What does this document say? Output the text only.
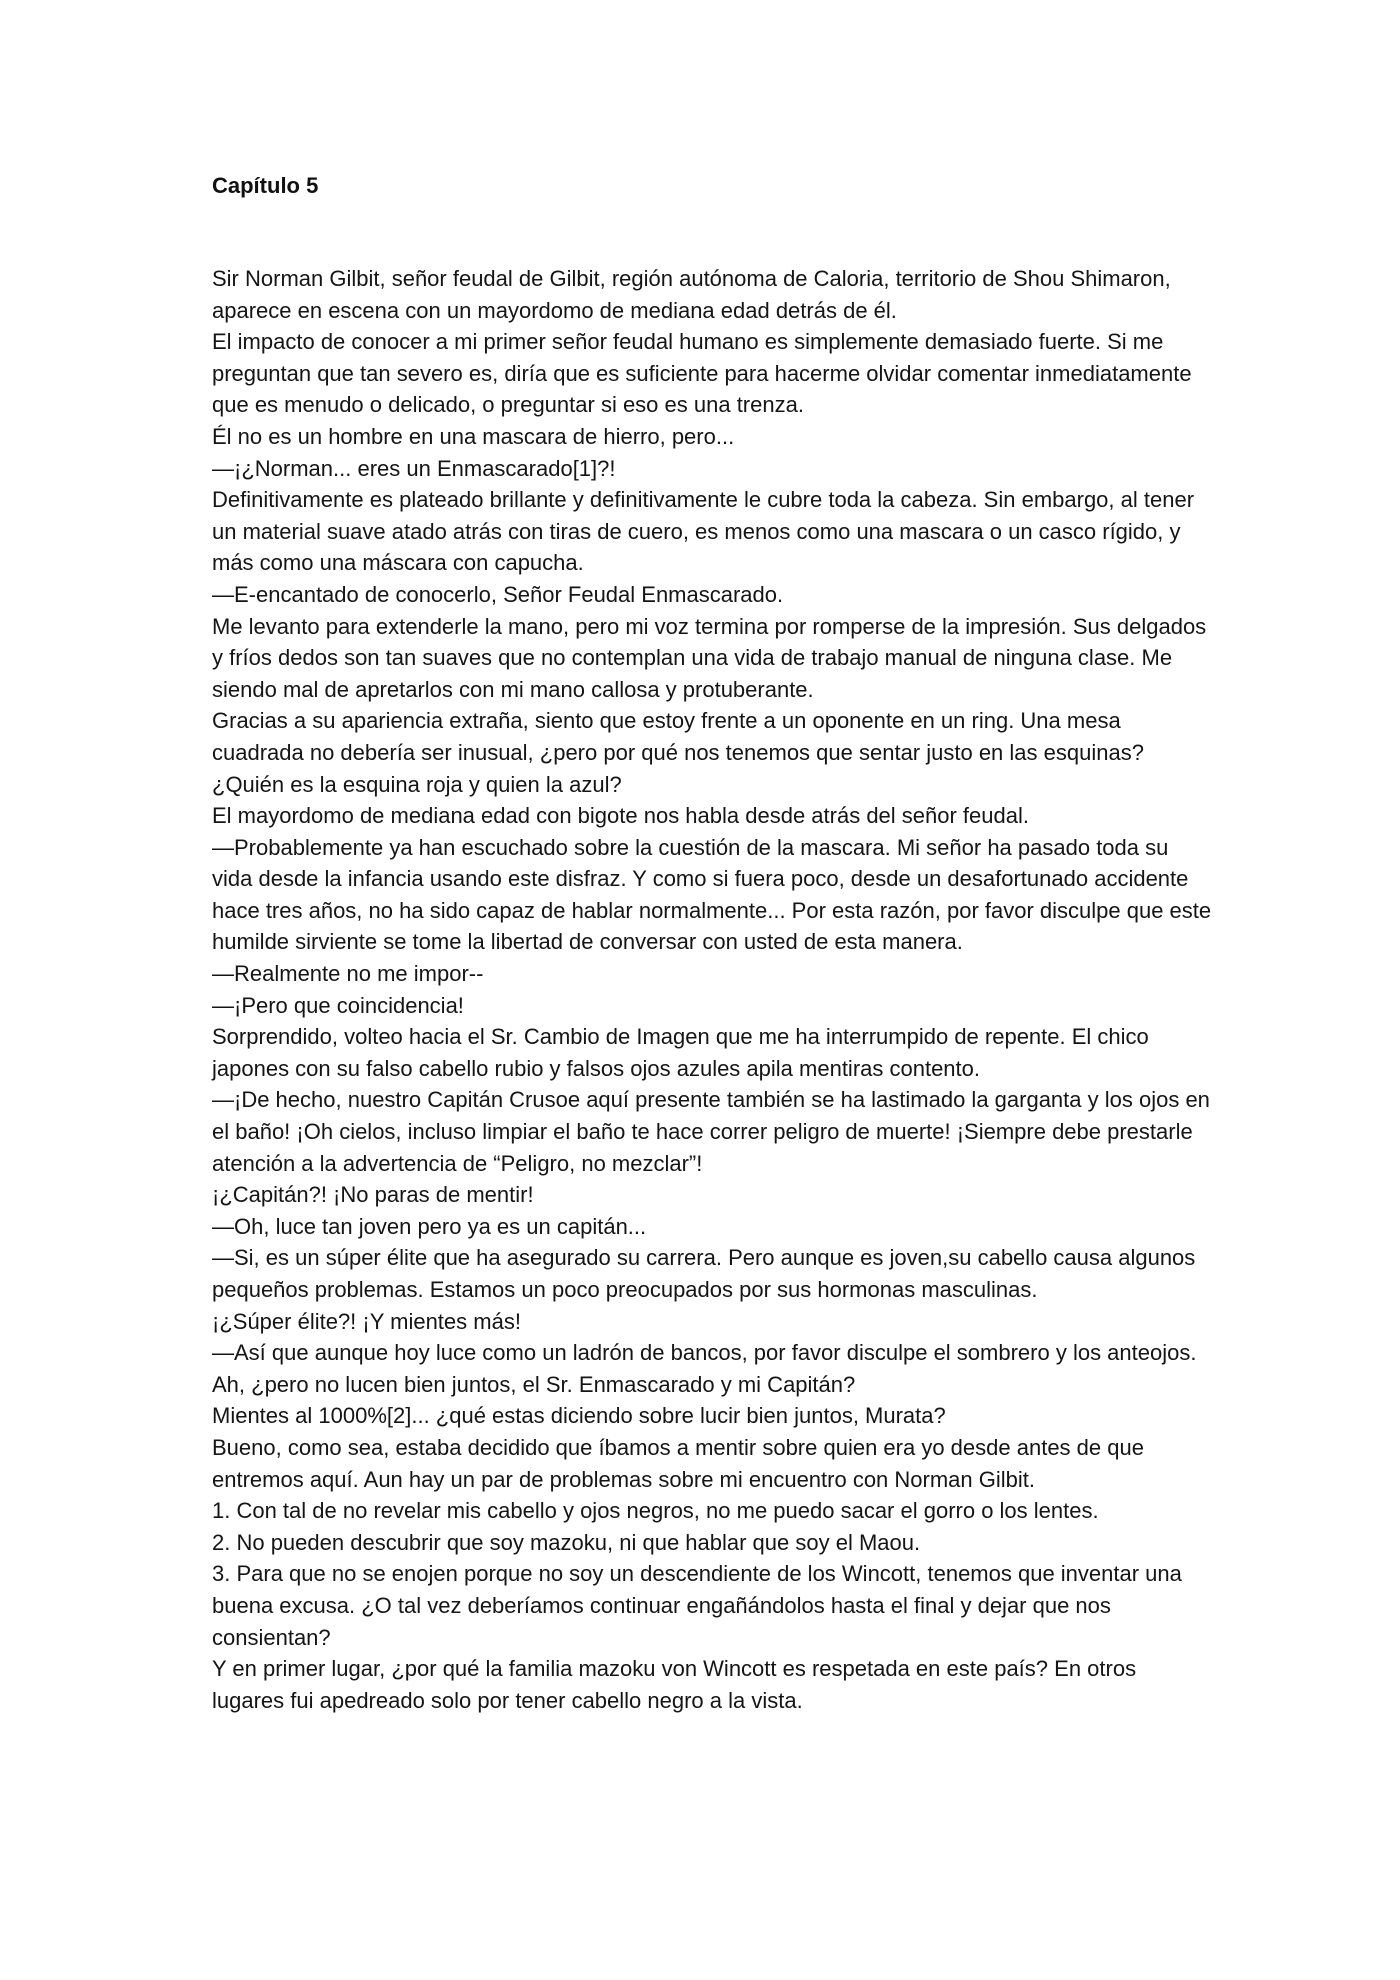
Capítulo 5

Sir Norman Gilbit, señor feudal de Gilbit, región autónoma de Caloria, territorio de Shou Shimaron, aparece en escena con un mayordomo de mediana edad detrás de él.

El impacto de conocer a mi primer señor feudal humano es simplemente demasiado fuerte. Si me preguntan que tan severo es, diría que es suficiente para hacerme olvidar comentar inmediatamente que es menudo o delicado, o preguntar si eso es una trenza.

Él no es un hombre en una mascara de hierro, pero...

—¡¿Norman... eres un Enmascarado[1]?!

Definitivamente es plateado brillante y definitivamente le cubre toda la cabeza. Sin embargo, al tener un material suave atado atrás con tiras de cuero, es menos como una mascara o un casco rígido, y más como una máscara con capucha.

—E-encantado de conocerlo, Señor Feudal Enmascarado.

Me levanto para extenderle la mano, pero mi voz termina por romperse de la impresión. Sus delgados y fríos dedos son tan suaves que no contemplan una vida de trabajo manual de ninguna clase. Me siendo mal de apretarlos con mi mano callosa y protuberante.

Gracias a su apariencia extraña, siento que estoy frente a un oponente en un ring. Una mesa cuadrada no debería ser inusual, ¿pero por qué nos tenemos que sentar justo en las esquinas? ¿Quién es la esquina roja y quien la azul?

El mayordomo de mediana edad con bigote nos habla desde atrás del señor feudal.

—Probablemente ya han escuchado sobre la cuestión de la mascara. Mi señor ha pasado toda su vida desde la infancia usando este disfraz. Y como si fuera poco, desde un desafortunado accidente hace tres años, no ha sido capaz de hablar normalmente... Por esta razón, por favor disculpe que este humilde sirviente se tome la libertad de conversar con usted de esta manera.

—Realmente no me impor--

—¡Pero que coincidencia!

Sorprendido, volteo hacia el Sr. Cambio de Imagen que me ha interrumpido de repente. El chico japones con su falso cabello rubio y falsos ojos azules apila mentiras contento.

—¡De hecho, nuestro Capitán Crusoe aquí presente también se ha lastimado la garganta y los ojos en el baño! ¡Oh cielos, incluso limpiar el baño te hace correr peligro de muerte! ¡Siempre debe prestarle atención a la advertencia de “Peligro, no mezclar”!

¡¿Capitán?! ¡No paras de mentir!

—Oh, luce tan joven pero ya es un capitán...

—Si, es un súper élite que ha asegurado su carrera. Pero aunque es joven,su cabello causa algunos pequeños problemas. Estamos un poco preocupados por sus hormonas masculinas.

¡¿Súper élite?! ¡Y mientes más!

—Así que aunque hoy luce como un ladrón de bancos, por favor disculpe el sombrero y los anteojos. Ah, ¿pero no lucen bien juntos, el Sr. Enmascarado y mi Capitán?

Mientes al 1000%[2]... ¿qué estas diciendo sobre lucir bien juntos, Murata?

Bueno, como sea, estaba decidido que íbamos a mentir sobre quien era yo desde antes de que entremos aquí. Aun hay un par de problemas sobre mi encuentro con Norman Gilbit.

1. Con tal de no revelar mis cabello y ojos negros, no me puedo sacar el gorro o los lentes.

2. No pueden descubrir que soy mazoku, ni que hablar que soy el Maou.

3. Para que no se enojen porque no soy un descendiente de los Wincott, tenemos que inventar una buena excusa. ¿O tal vez deberíamos continuar engañándolos hasta el final y dejar que nos consientan?

Y en primer lugar, ¿por qué la familia mazoku von Wincott es respetada en este país? En otros lugares fui apedreado solo por tener cabello negro a la vista.
